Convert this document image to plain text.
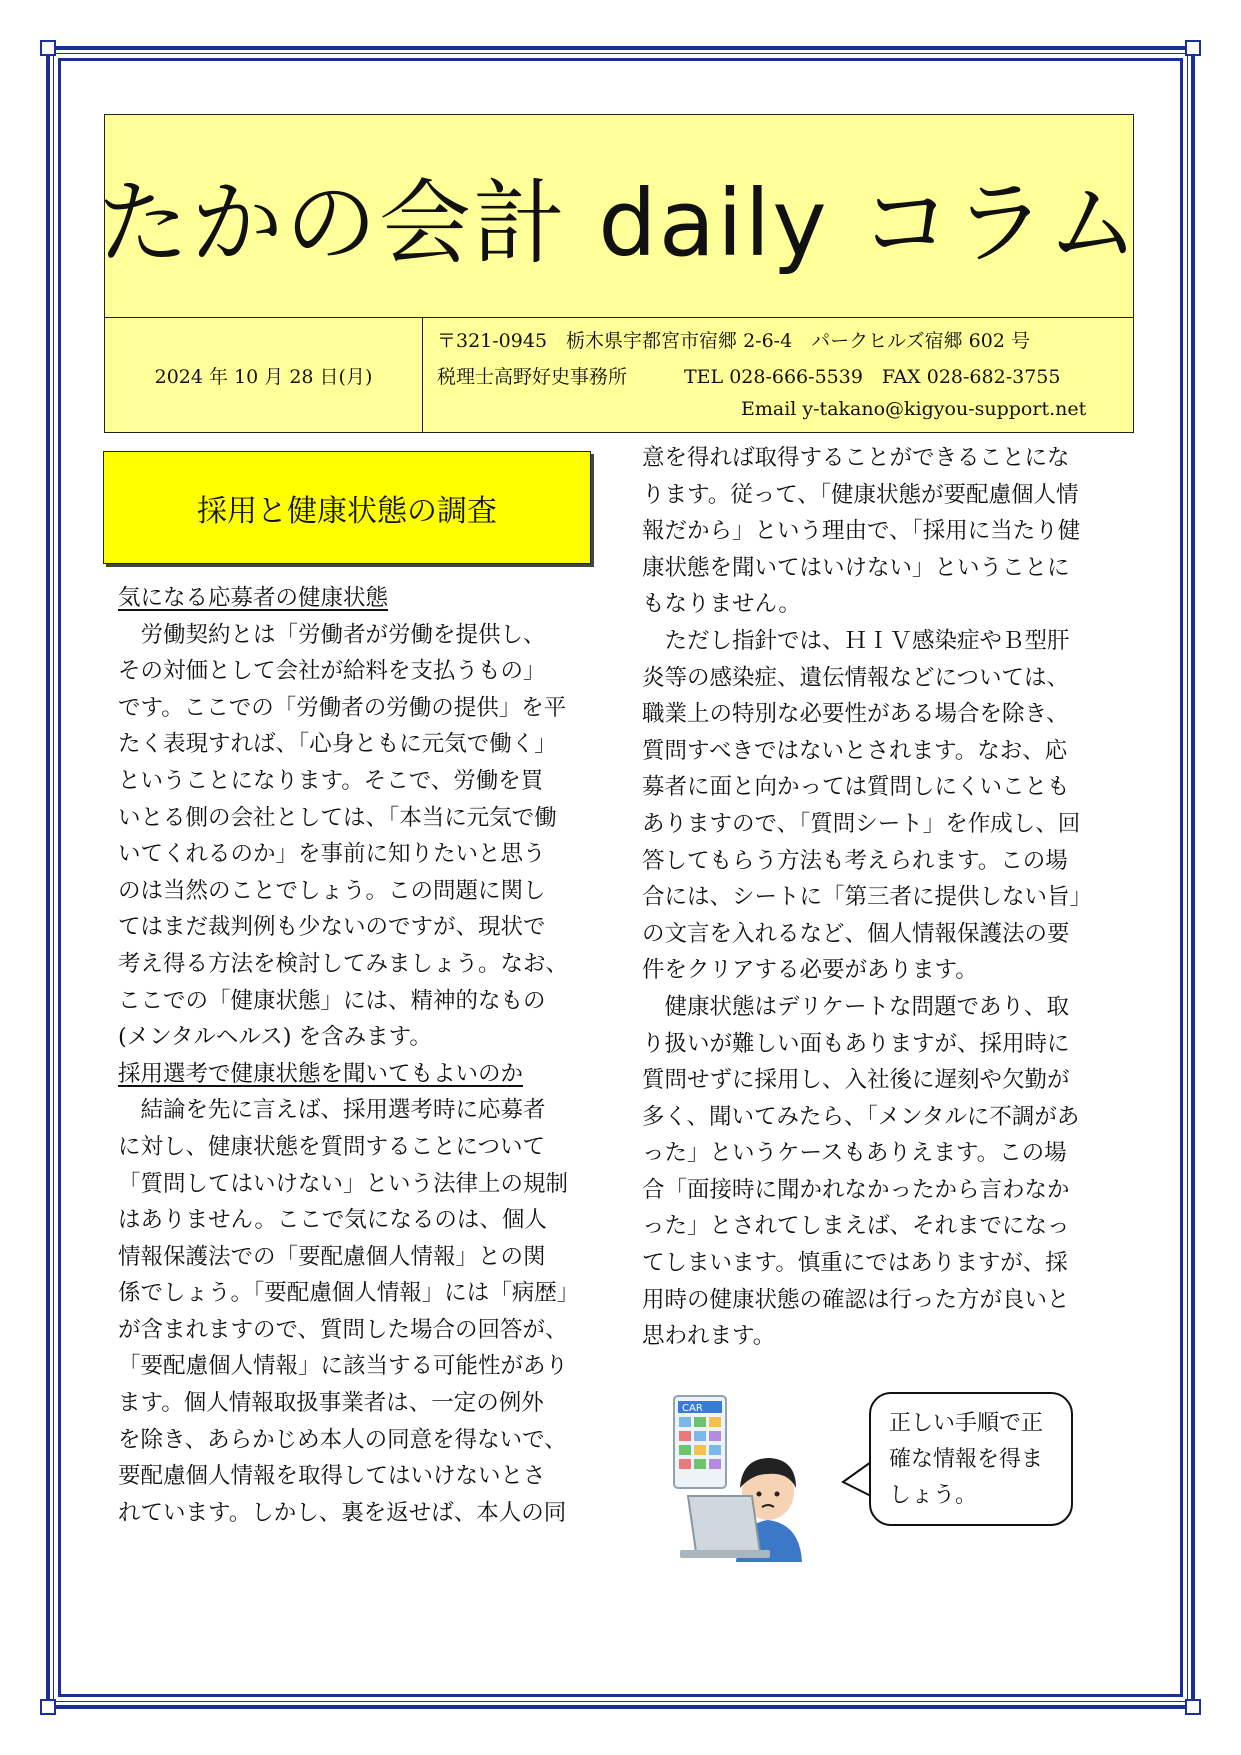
たかの会計 daily コラム
2024 年 10 月 28 日(月)
〒321-0945　栃木県宇都宮市宿郷 2-6-4　パークヒルズ宿郷 602 号
税理士高野好史事務所　　　TEL 028-666-5539　FAX 028-682-3755
Email y-takano@kigyou-support.net
採用と健康状態の調査

気になる応募者の健康状態

　労働契約とは「労働者が労働を提供し、

その対価として会社が給料を支払うもの」

です。ここでの「労働者の労働の提供」を平

たく表現すれば、「心身ともに元気で働く」

ということになります。そこで、労働を買

いとる側の会社としては、「本当に元気で働

いてくれるのか」を事前に知りたいと思う

のは当然のことでしょう。この問題に関し

てはまだ裁判例も少ないのですが、現状で

考え得る方法を検討してみましょう。なお、

ここでの「健康状態」には、精神的なもの

(メンタルヘルス) を含みます。

採用選考で健康状態を聞いてもよいのか

　結論を先に言えば、採用選考時に応募者

に対し、健康状態を質問することについて

「質問してはいけない」という法律上の規制

はありません。ここで気になるのは、個人

情報保護法での「要配慮個人情報」との関

係でしょう。「要配慮個人情報」には「病歴」

が含まれますので、質問した場合の回答が、

「要配慮個人情報」に該当する可能性があり

ます。個人情報取扱事業者は、一定の例外

を除き、あらかじめ本人の同意を得ないで、

要配慮個人情報を取得してはいけないとさ

れています。しかし、裏を返せば、本人の同

意を得れば取得することができることにな

ります。従って、「健康状態が要配慮個人情

報だから」という理由で、「採用に当たり健

康状態を聞いてはいけない」ということに

もなりません。

　ただし指針では、ＨＩＶ感染症やＢ型肝

炎等の感染症、遺伝情報などについては、

職業上の特別な必要性がある場合を除き、

質問すべきではないとされます。なお、応

募者に面と向かっては質問しにくいことも

ありますので、「質問シート」を作成し、回

答してもらう方法も考えられます。この場

合には、シートに「第三者に提供しない旨」

の文言を入れるなど、個人情報保護法の要

件をクリアする必要があります。

　健康状態はデリケートな問題であり、取

り扱いが難しい面もありますが、採用時に

質問せずに採用し、入社後に遅刻や欠勤が

多く、聞いてみたら、「メンタルに不調があ

った」というケースもありえます。この場

合「面接時に聞かれなかったから言わなか

った」とされてしまえば、それまでになっ

てしまいます。慎重にではありますが、採

用時の健康状態の確認は行った方が良いと

思われます。

CAR

正しい手順で正

確な情報を得ま

しょう。
